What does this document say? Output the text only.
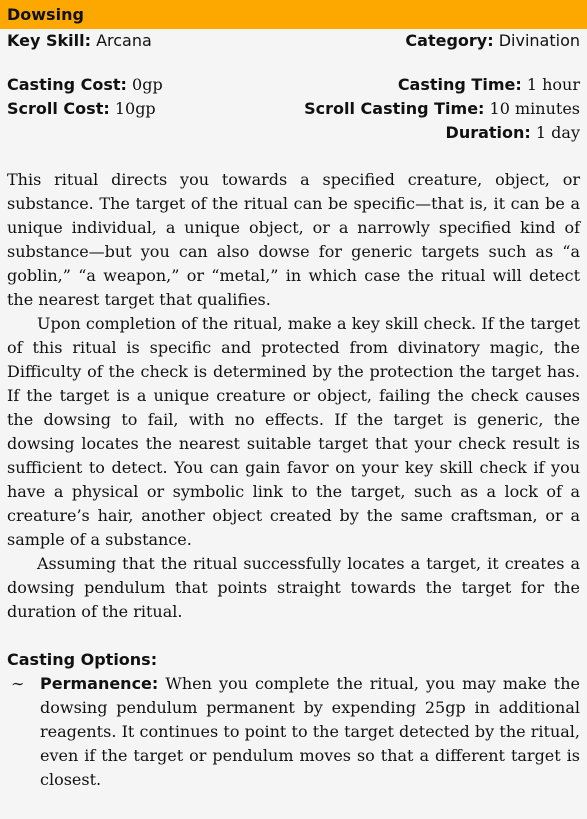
Dowsing
Key Skill: Arcana	Category: Divination
Casting Cost: 0gp	Casting Time: 1 hour
Scroll Cost: 10gp	Scroll Casting Time: 10 minutes
Duration: 1 day

This ritual directs you towards a specified creature, object, or substance. The target of the ritual can be specific—that is, it can be a unique individual, a unique object, or a narrowly specified kind of substance—but you can also dowse for generic targets such as “a goblin,” “a weapon,” or “metal,” in which case the ritual will detect the nearest target that qualifies.

Upon completion of the ritual, make a key skill check. If the target of this ritual is specific and protected from divinatory magic, the Difficulty of the check is determined by the protection the target has. If the target is a unique creature or object, failing the check causes the dowsing to fail, with no effects. If the target is generic, the dowsing locates the nearest suitable target that your check result is sufficient to detect. You can gain favor on your key skill check if you have a physical or symbolic link to the target, such as a lock of a creature’s hair, another object created by the same craftsman, or a sample of a substance.

Assuming that the ritual successfully locates a target, it creates a dowsing pendulum that points straight towards the target for the duration of the ritual.

Casting Options:
∼ Permanence: When you complete the ritual, you may make the dowsing pendulum permanent by expending 25gp in additional reagents. It continues to point to the target detected by the ritual, even if the target or pendulum moves so that a different target is closest.
